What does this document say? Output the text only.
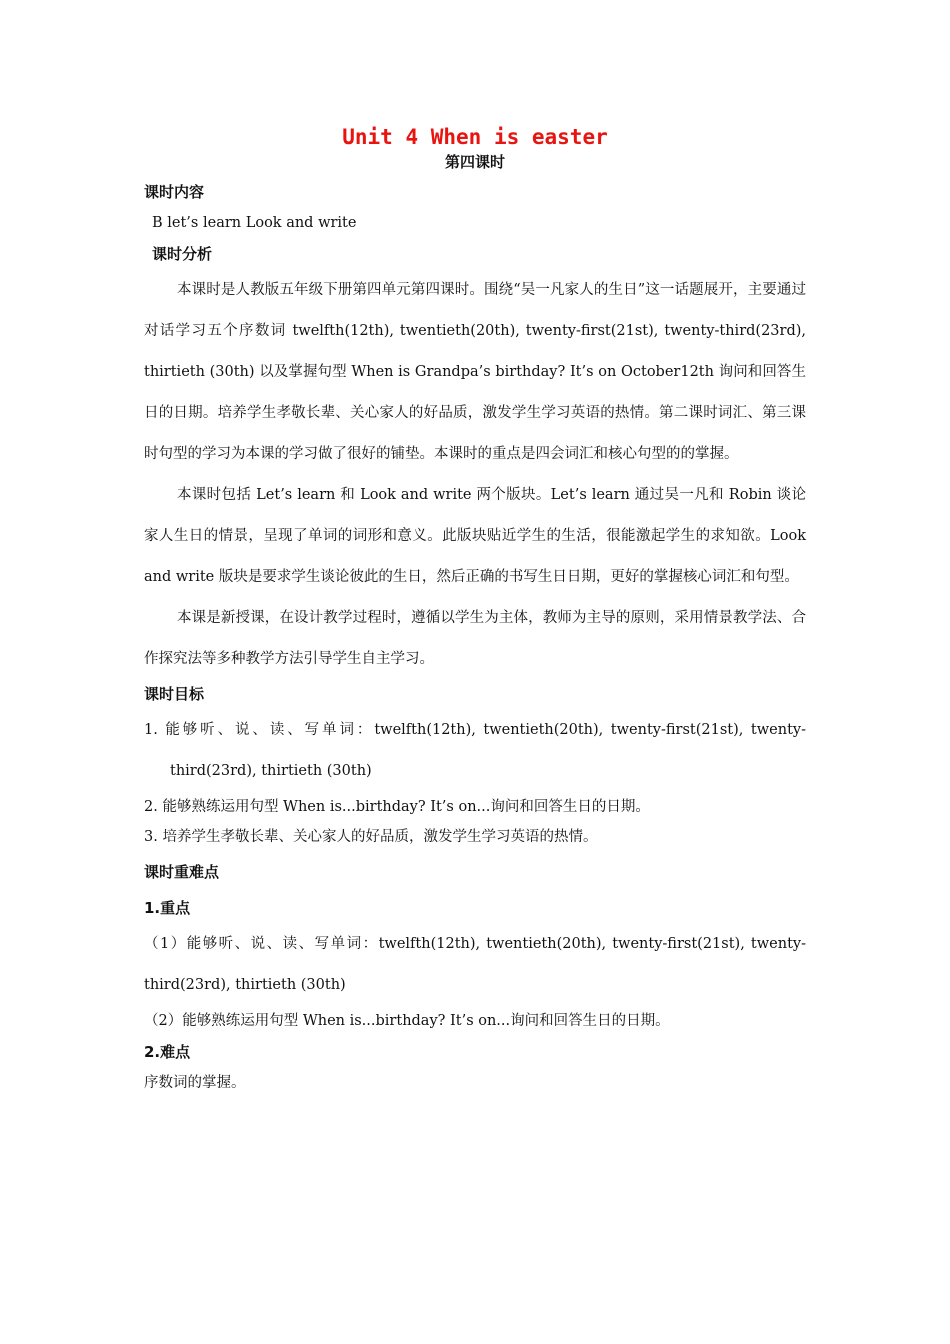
Unit 4 When is easter

第四课时

课时内容

B let’s learn Look and write

课时分析

本课时是人教版五年级下册第四单元第四课时。围绕“吴一凡家人的生日”这一话题展开，主要通过对话学习五个序数词 twelfth(12th), twentieth(20th), twenty-first(21st), twenty-third(23rd), thirtieth (30th) 以及掌握句型 When is Grandpa’s birthday? It’s on October12th 询问和回答生日的日期。培养学生孝敬长辈、关心家人的好品质，激发学生学习英语的热情。第二课时词汇、第三课时句型的学习为本课的学习做了很好的铺垫。本课时的重点是四会词汇和核心句型的的掌握。

本课时包括 Let’s learn 和 Look and write 两个版块。Let’s learn 通过吴一凡和 Robin 谈论家人生日的情景，呈现了单词的词形和意义。此版块贴近学生的生活，很能激起学生的求知欲。Look and write 版块是要求学生谈论彼此的生日，然后正确的书写生日日期，更好的掌握核心词汇和句型。

本课是新授课，在设计教学过程时，遵循以学生为主体，教师为主导的原则，采用情景教学法、合作探究法等多种教学方法引导学生自主学习。

课时目标

1. 能够听、说、读、写单词：twelfth(12th), twentieth(20th), twenty-first(21st), twenty-third(23rd), thirtieth (30th)

2. 能够熟练运用句型 When is...birthday? It’s on...询问和回答生日的日期。

3. 培养学生孝敬长辈、关心家人的好品质，激发学生学习英语的热情。

课时重难点

1.重点

（1）能够听、说、读、写单词：twelfth(12th), twentieth(20th), twenty-first(21st), twenty-third(23rd), thirtieth (30th)

（2）能够熟练运用句型 When is...birthday? It’s on...询问和回答生日的日期。

2.难点

序数词的掌握。
